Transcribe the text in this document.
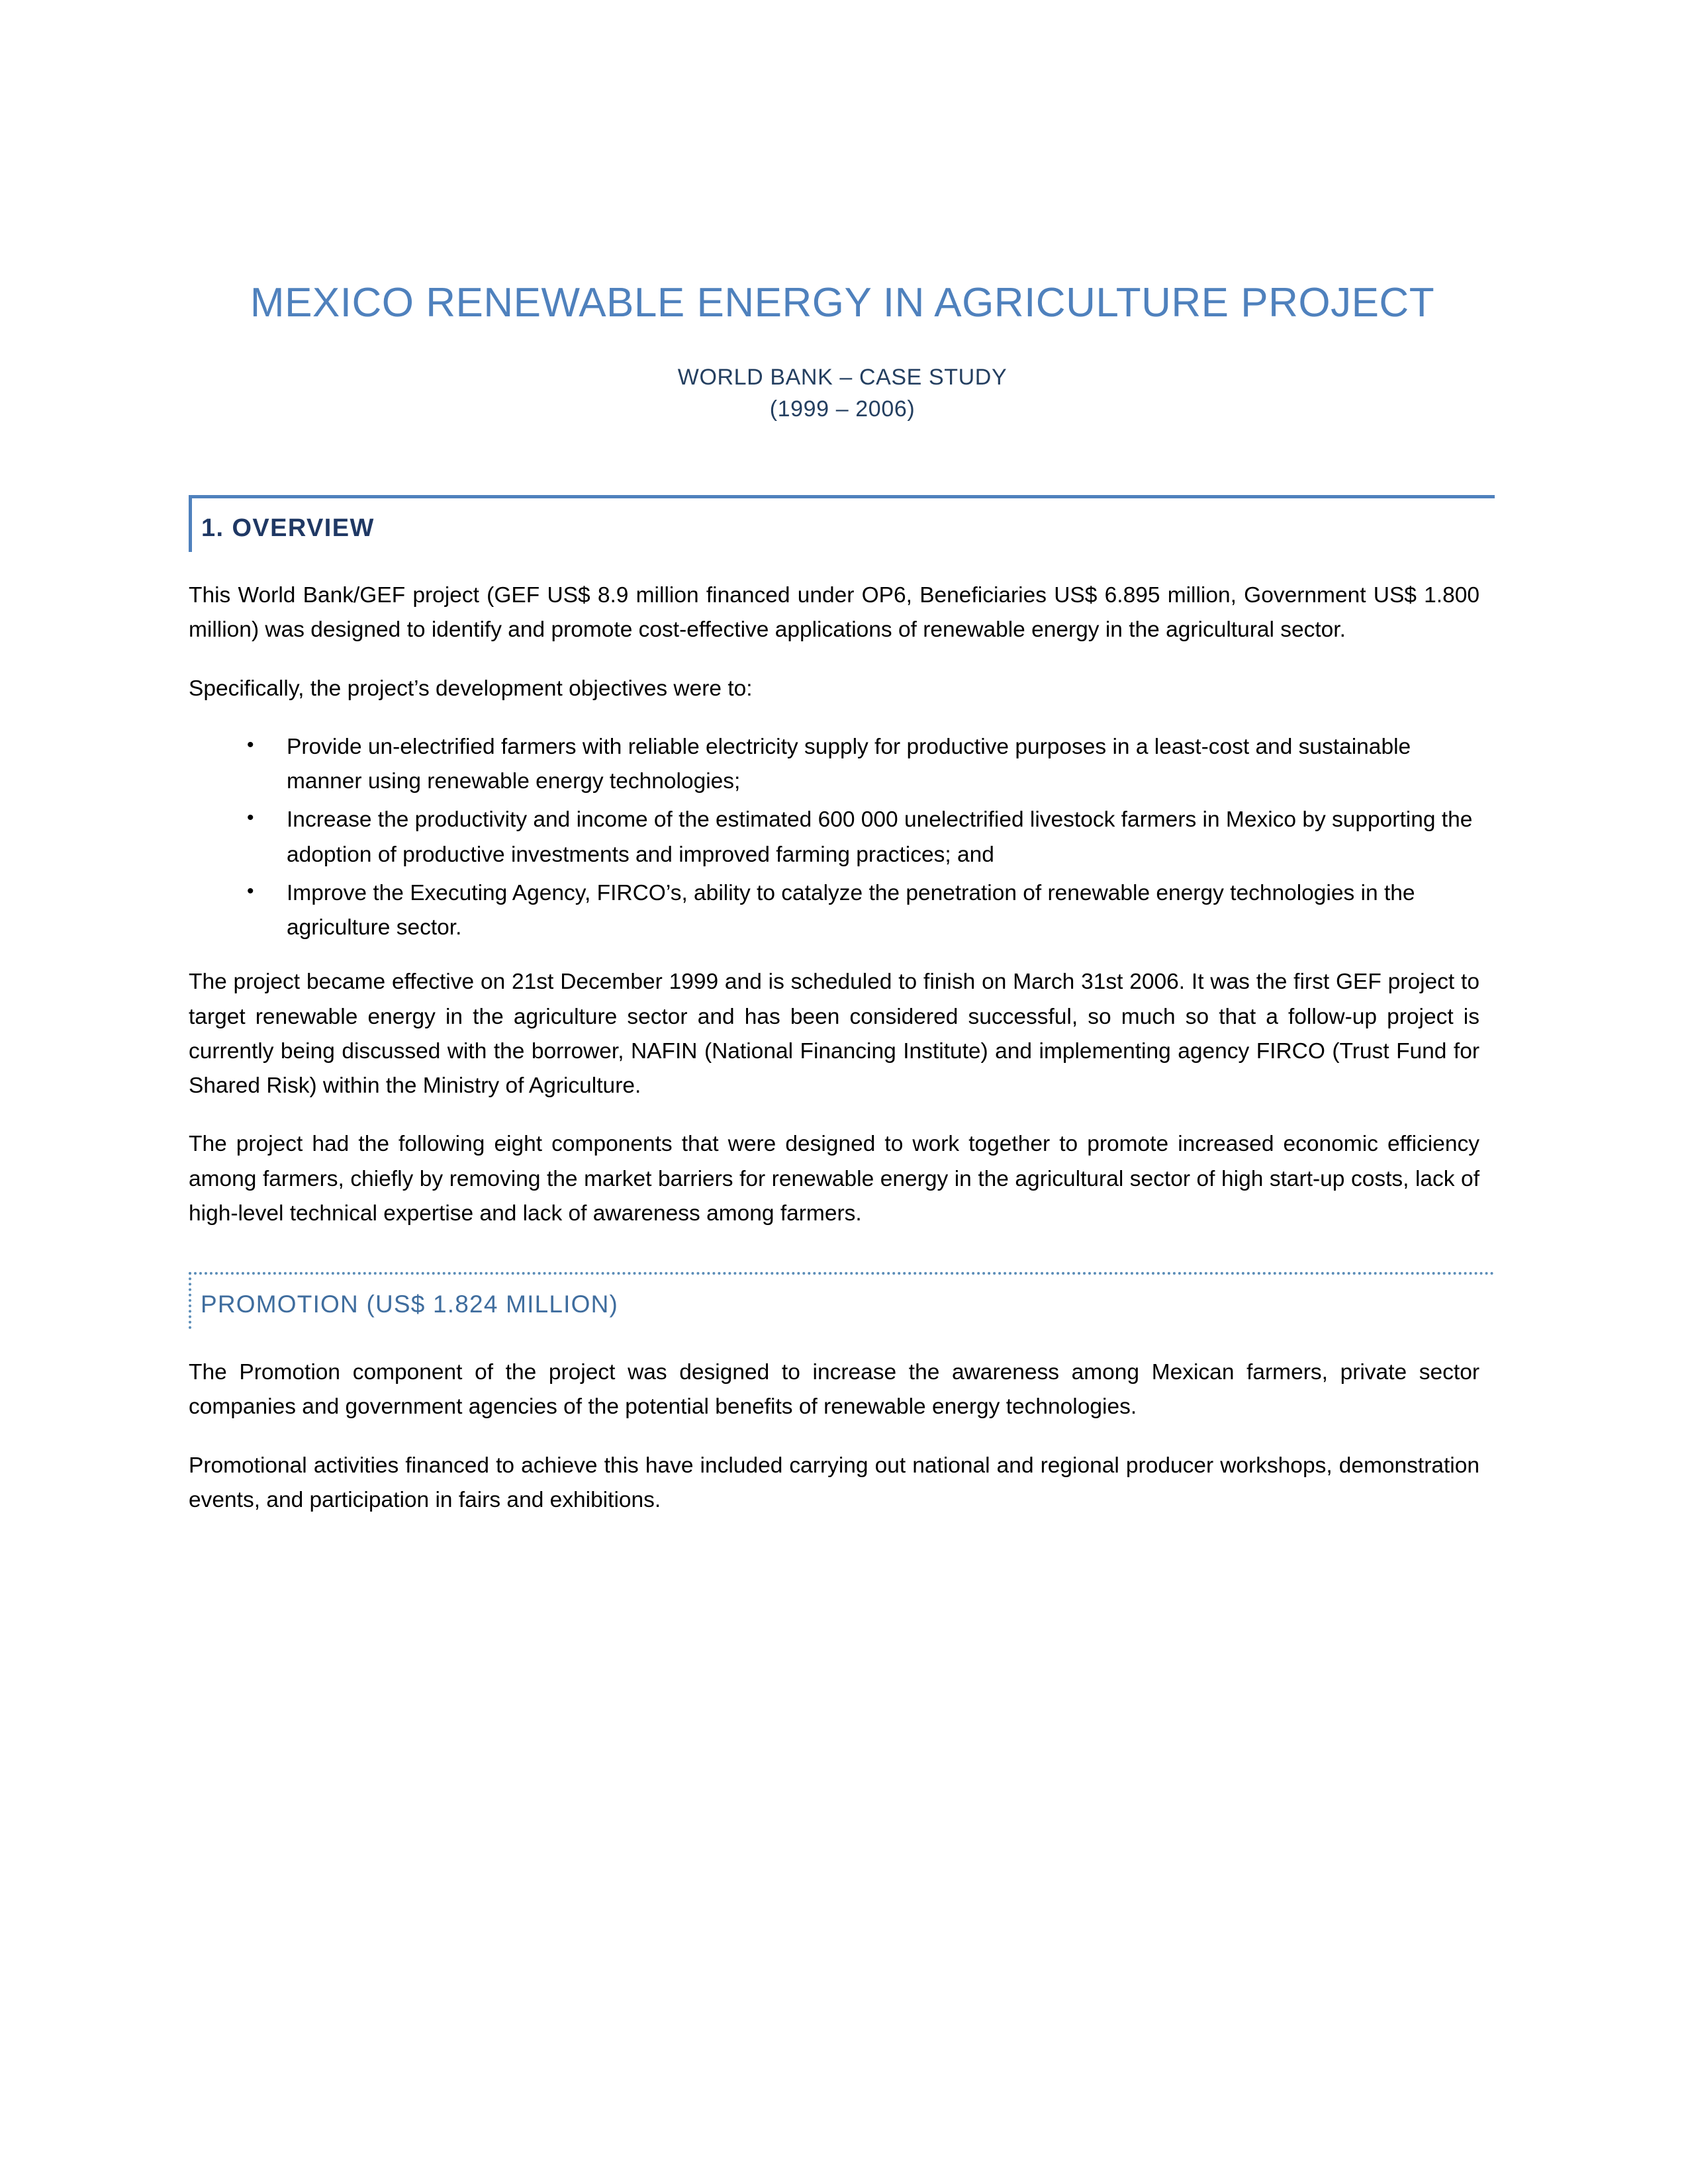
MEXICO RENEWABLE ENERGY IN AGRICULTURE PROJECT
WORLD BANK – CASE STUDY
(1999 – 2006)
1. OVERVIEW

This World Bank/GEF project (GEF US$ 8.9 million financed under OP6, Beneficiaries US$ 6.895 million, Government US$ 1.800 million) was designed to identify and promote cost-effective applications of renewable energy in the agricultural sector.

Specifically, the project’s development objectives were to:

• Provide un-electrified farmers with reliable electricity supply for productive purposes in a least-cost and sustainable manner using renewable energy technologies;
• Increase the productivity and income of the estimated 600 000 unelectrified livestock farmers in Mexico by supporting the adoption of productive investments and improved farming practices; and
• Improve the Executing Agency, FIRCO’s, ability to catalyze the penetration of renewable energy technologies in the agriculture sector.

The project became effective on 21st December 1999 and is scheduled to finish on March 31st 2006. It was the first GEF project to target renewable energy in the agriculture sector and has been considered successful, so much so that a follow-up project is currently being discussed with the borrower, NAFIN (National Financing Institute) and implementing agency FIRCO (Trust Fund for Shared Risk) within the Ministry of Agriculture.

The project had the following eight components that were designed to work together to promote increased economic efficiency among farmers, chiefly by removing the market barriers for renewable energy in the agricultural sector of high start-up costs, lack of high-level technical expertise and lack of awareness among farmers.

PROMOTION (US$ 1.824 MILLION)

The Promotion component of the project was designed to increase the awareness among Mexican farmers, private sector companies and government agencies of the potential benefits of renewable energy technologies.

Promotional activities financed to achieve this have included carrying out national and regional producer workshops, demonstration events, and participation in fairs and exhibitions.
